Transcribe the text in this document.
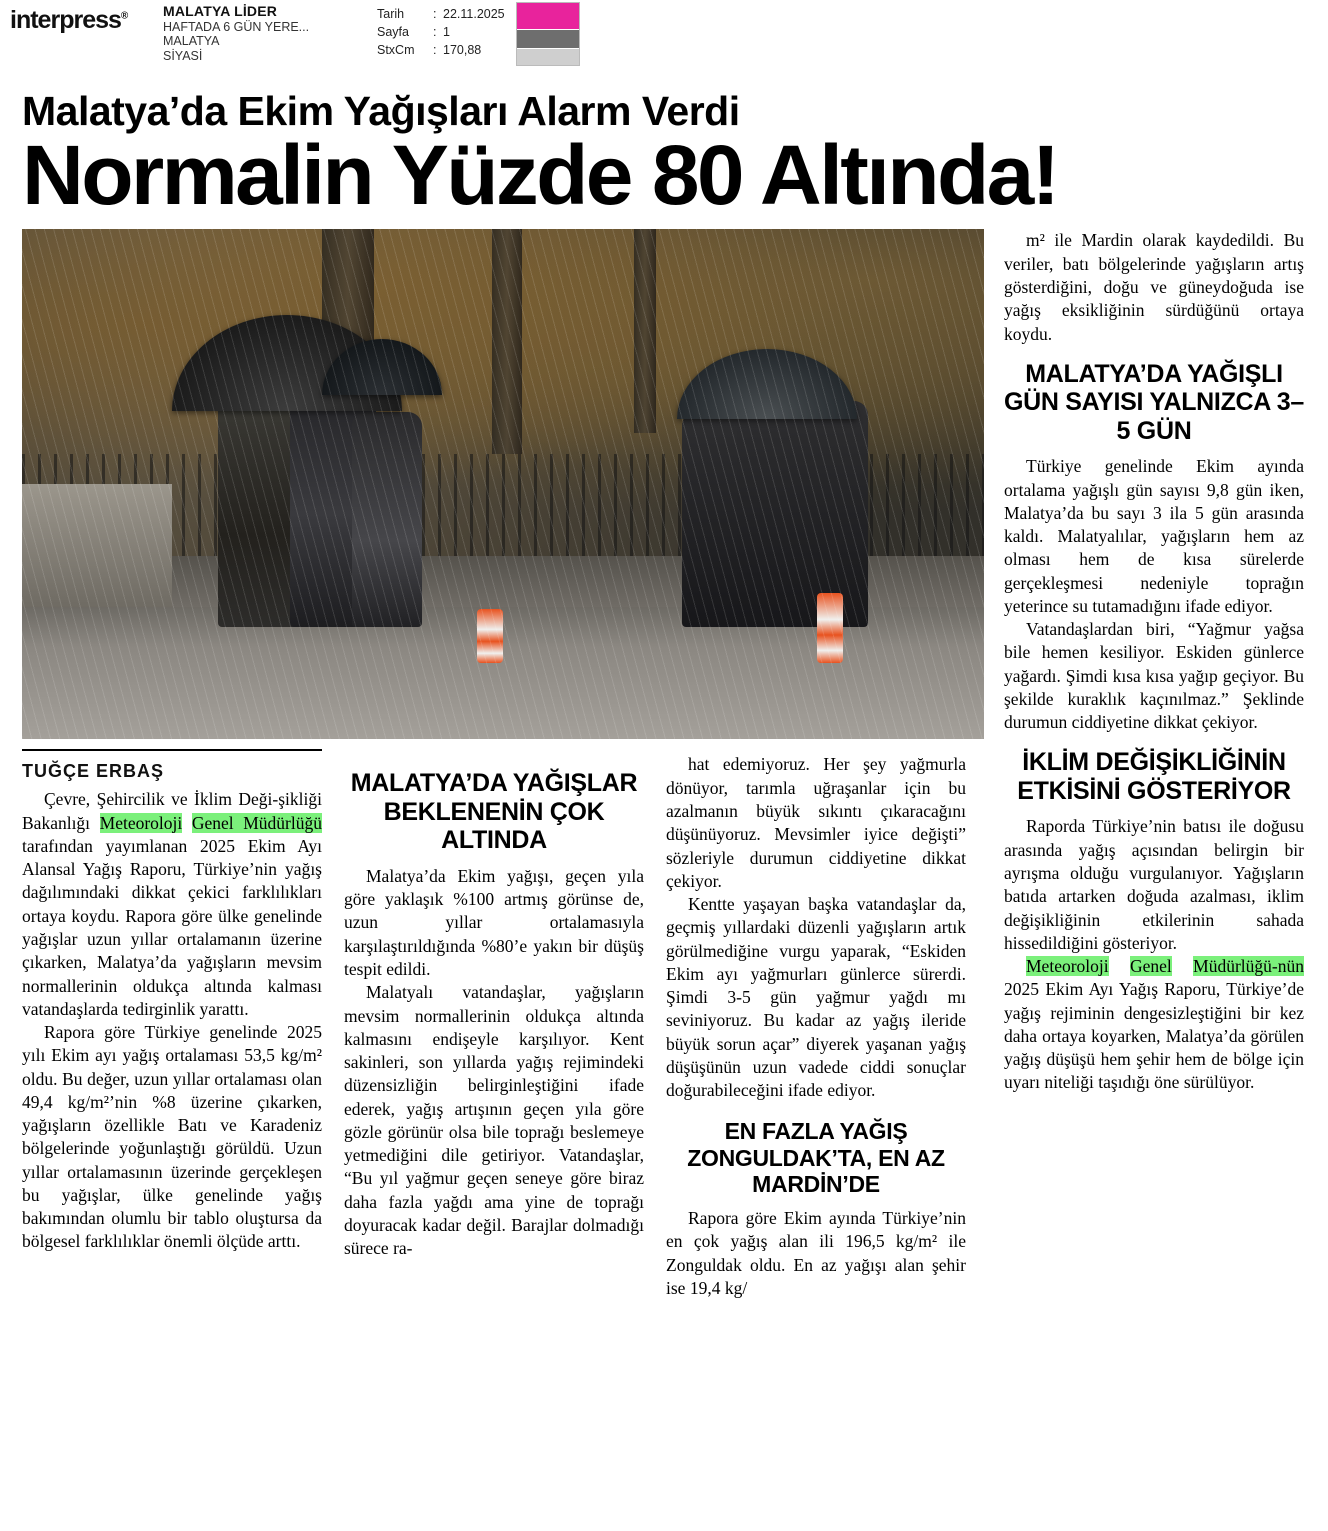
interpress®	MALATYA LİDER
HAFTADA 6 GÜN YERE...
MALATYA
SİYASİ
Tarih : 22.11.2025
Sayfa : 1
StxCm : 170,88
Malatya’da Ekim Yağışları Alarm Verdi
Normalin Yüzde 80 Altında!
TUĞÇE ERBAŞ

Çevre, Şehircilik ve İklim Deği-şikliği Bakanlığı Meteoroloji Genel Müdürlüğü tarafından yayımlanan 2025 Ekim Ayı Alansal Yağış Raporu, Türkiye’nin yağış dağılımındaki dikkat çekici farklılıkları ortaya koydu. Rapora göre ülke genelinde yağışlar uzun yıllar ortalamanın üzerine çıkarken, Malatya’da yağışların mevsim normallerinin oldukça altında kalması vatandaşlarda tedirginlik yarattı.

Rapora göre Türkiye genelinde 2025 yılı Ekim ayı yağış ortalaması 53,5 kg/m² oldu. Bu değer, uzun yıllar ortalaması olan 49,4 kg/m²’nin %8 üzerine çıkarken, yağışların özellikle Batı ve Karadeniz bölgelerinde yoğunlaştığı görüldü. Uzun yıllar ortalamasının üzerinde gerçekleşen bu yağışlar, ülke genelinde yağış bakımından olumlu bir tablo oluştursa da bölgesel farklılıklar önemli ölçüde arttı.

MALATYA’DA YAĞIŞLAR BEKLENENİN ÇOK ALTINDA

Malatya’da Ekim yağışı, geçen yıla göre yaklaşık %100 artmış görünse de, uzun yıllar ortalamasıyla karşılaştırıldığında %80’e yakın bir düşüş tespit edildi.

Malatyalı vatandaşlar, yağışların mevsim normallerinin oldukça altında kalmasını endişeyle karşılıyor. Kent sakinleri, son yıllarda yağış rejimindeki düzensizliğin belirginleştiğini ifade ederek, yağış artışının geçen yıla göre gözle görünür olsa bile toprağı beslemeye yetmediğini dile getiriyor. Vatandaşlar, “Bu yıl yağmur geçen seneye göre biraz daha fazla yağdı ama yine de toprağı doyuracak kadar değil. Barajlar dolmadığı sürece ra-

hat edemiyoruz. Her şey yağmurla dönüyor, tarımla uğraşanlar için bu azalmanın büyük sıkıntı çıkaracağını düşünüyoruz. Mevsimler iyice değişti” sözleriyle durumun ciddiyetine dikkat çekiyor.

Kentte yaşayan başka vatandaşlar da, geçmiş yıllardaki düzenli yağışların artık görülmediğine vurgu yaparak, “Eskiden Ekim ayı yağmurları günlerce sürerdi. Şimdi 3-5 gün yağmur yağdı mı seviniyoruz. Bu kadar az yağış ileride büyük sorun açar” diyerek yaşanan yağış düşüşünün uzun vadede ciddi sonuçlar doğurabileceğini ifade ediyor.

EN FAZLA YAĞIŞ ZONGULDAK’TA, EN AZ MARDİN’DE

Rapora göre Ekim ayında Türkiye’nin en çok yağış alan ili 196,5 kg/m² ile Zonguldak oldu. En az yağışı alan şehir ise 19,4 kg/

m² ile Mardin olarak kaydedildi. Bu veriler, batı bölgelerinde yağışların artış gösterdiğini, doğu ve güneydoğuda ise yağış eksikliğinin sürdüğünü ortaya koydu.

MALATYA’DA YAĞIŞLI GÜN SAYISI YALNIZCA 3–5 GÜN

Türkiye genelinde Ekim ayında ortalama yağışlı gün sayısı 9,8 gün iken, Malatya’da bu sayı 3 ila 5 gün arasında kaldı. Malatyalılar, yağışların hem az olması hem de kısa sürelerde gerçekleşmesi nedeniyle toprağın yeterince su tutamadığını ifade ediyor.

Vatandaşlardan biri, “Yağmur yağsa bile hemen kesiliyor. Eskiden günlerce yağardı. Şimdi kısa kısa yağıp geçiyor. Bu şekilde kuraklık kaçınılmaz.” Şeklinde durumun ciddiyetine dikkat çekiyor.

İKLİM DEĞİŞİKLİĞİNİN ETKİSİNİ GÖSTERİYOR

Raporda Türkiye’nin batısı ile doğusu arasında yağış açısından belirgin bir ayrışma olduğu vurgulanıyor. Yağışların batıda artarken doğuda azalması, iklim değişikliğinin etkilerinin sahada hissedildiğini gösteriyor.

Meteoroloji Genel Müdürlüğü-nün 2025 Ekim Ayı Yağış Raporu, Türkiye’de yağış rejiminin dengesizleştiğini bir kez daha ortaya koyarken, Malatya’da görülen yağış düşüşü hem şehir hem de bölge için uyarı niteliği taşıdığı öne sürülüyor.
